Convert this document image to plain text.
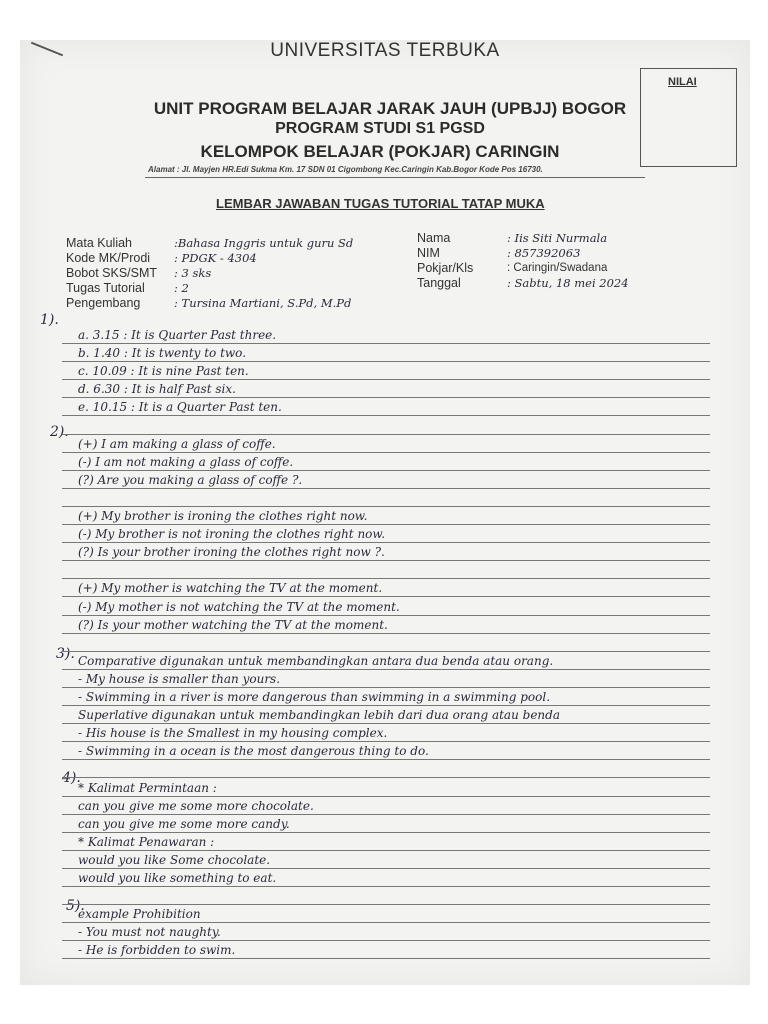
UNIVERSITAS TERBUKA
UNIT PROGRAM BELAJAR JARAK JAUH (UPBJJ) BOGOR
PROGRAM STUDI S1 PGSD
KELOMPOK BELAJAR (POKJAR) CARINGIN
Alamat : Jl. Mayjen HR.Edi Sukma Km. 17 SDN 01 Cigombong Kec.Caringin Kab.Bogor Kode Pos 16730.
NILAI
LEMBAR JAWABAN TUGAS TUTORIAL TATAP MUKA
Mata Kuliah	:Bahasa Inggris untuk guru Sd
Kode MK/Prodi	: PDGK - 4304
Bobot SKS/SMT	: 3 sks
Tugas Tutorial	: 2
Pengembang	: Tursina Martiani, S.Pd, M.Pd
Nama	: Iis Siti Nurmala
NIM	: 857392063
Pokjar/Kls	: Caringin/Swadana
Tanggal	: Sabtu, 18 mei 2024
1).
2).
3).
4).
5).
a. 3.15 : It is Quarter Past three.
b. 1.40 : It is twenty to two.
c. 10.09 : It is nine Past ten.
d. 6.30 : It is half Past six.
e. 10.15 : It is a Quarter Past ten.
(+) I am making a glass of coffe.
(-) I am not making a glass of coffe.
(?) Are you making a glass of coffe ?.
(+) My brother is ironing the clothes right now.
(-) My brother is not ironing the clothes right now.
(?) Is your brother ironing the clothes right now ?.
(+) My mother is watching the TV at the moment.
(-) My mother is not watching the TV at the moment.
(?) Is your mother watching the TV at the moment.
Comparative digunakan untuk membandingkan antara dua benda atau orang.
- My house is smaller than yours.
- Swimming in a river is more dangerous than swimming in a swimming pool.
Superlative digunakan untuk membandingkan lebih dari dua orang atau benda
- His house is the Smallest in my housing complex.
- Swimming in a ocean is the most dangerous thing to do.
* Kalimat Permintaan :
can you give me some more chocolate.
can you give me some more candy.
* Kalimat Penawaran :
would you like Some chocolate.
would you like something to eat.
example Prohibition
- You must not naughty.
- He is forbidden to swim.
